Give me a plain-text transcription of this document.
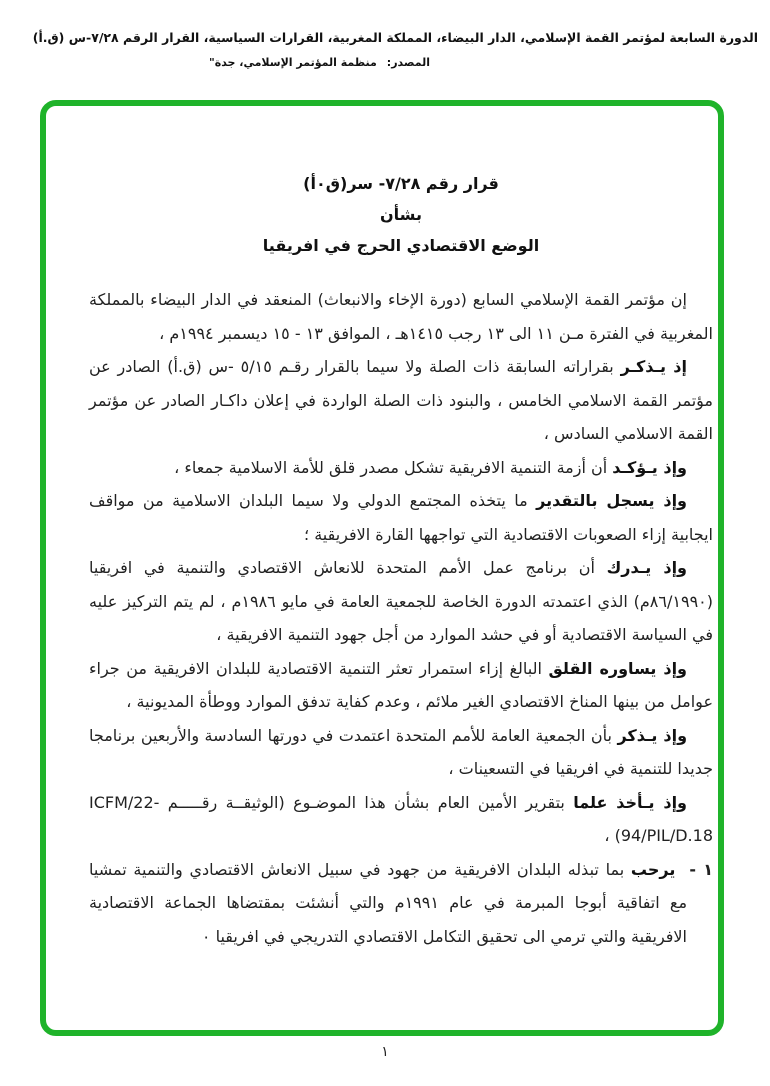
الدورة السابعة لمؤتمر القمة الإسلامي، الدار البيضاء، المملكة المغربية، القرارات السياسية، القرار الرقم ٧/٢٨-س (ق.أ)
المصدر:منظمة المؤتمر الإسلامي، جدة"
قرار رقم ٧/٢٨- سر(ق٠أ)
بشأن
الوضع الاقتصادي الحرج في افريقيا

إن مؤتمر القمة الإسلامي السابع (دورة الإخاء والانبعاث) المنعقد في الدار البيضاء بالمملكة المغربية في الفترة مـن ١١ الى ١٣ رجب ١٤١٥هـ ، الموافق ١٣ - ١٥ ديسمبر ١٩٩٤م ،

إذ يـذكـر بقراراته السابقة ذات الصلة ولا سيما بالقرار رقـم ٥/١٥ -س (ق.أ) الصادر عن مؤتمر القمة الاسلامي الخامس ، والبنود ذات الصلة الواردة في إعلان داكـار الصادر عن مؤتمر القمة الاسلامي السادس ،

وإذ يـؤكـد أن أزمة التنمية الافريقية تشكل مصدر قلق للأمة الاسلامية جمعاء ،

وإذ يسجل بالتقدير ما يتخذه المجتمع الدولي ولا سيما البلدان الاسلامية من مواقف ايجابية إزاء الصعوبات الاقتصادية التي تواجهها القارة الافريقية ؛

وإذ يـدرك أن برنامج عمل الأمم المتحدة للانعاش الاقتصادي والتنمية في افريقيا (٨٦/١٩٩٠م) الذي اعتمدته الدورة الخاصة للجمعية العامة في مايو ١٩٨٦م ، لم يتم التركيز عليه في السياسة الاقتصادية أو في حشد الموارد من أجل جهود التنمية الافريقية ،

وإذ يساوره القلق البالغ إزاء استمرار تعثر التنمية الاقتصادية للبلدان الافريقية من جراء عوامل من بينها المناخ الاقتصادي الغير ملائم ، وعدم كفاية تدفق الموارد ووطأة المديونية ،

وإذ يـذكر بأن الجمعية العامة للأمم المتحدة اعتمدت في دورتها السادسة والأربعين برنامجا جديدا للتنمية في افريقيا في التسعينات ،

وإذ يـأخذ علما بتقرير الأمين العام بشأن هذا الموضـوع (الوثيقــة رقـــــم ICFM/22-94/PIL/D.18) ،

١ -يرحب بما تبذله البلدان الافريقية من جهود في سبيل الانعاش الاقتصادي والتنمية تمشيا مع اتفاقية أبوجا المبرمة في عام ١٩٩١م والتي أنشئت بمقتضاها الجماعة الاقتصادية الافريقية والتي ترمي الى تحقيق التكامل الاقتصادي التدريجي في افريقيا ٠

١
